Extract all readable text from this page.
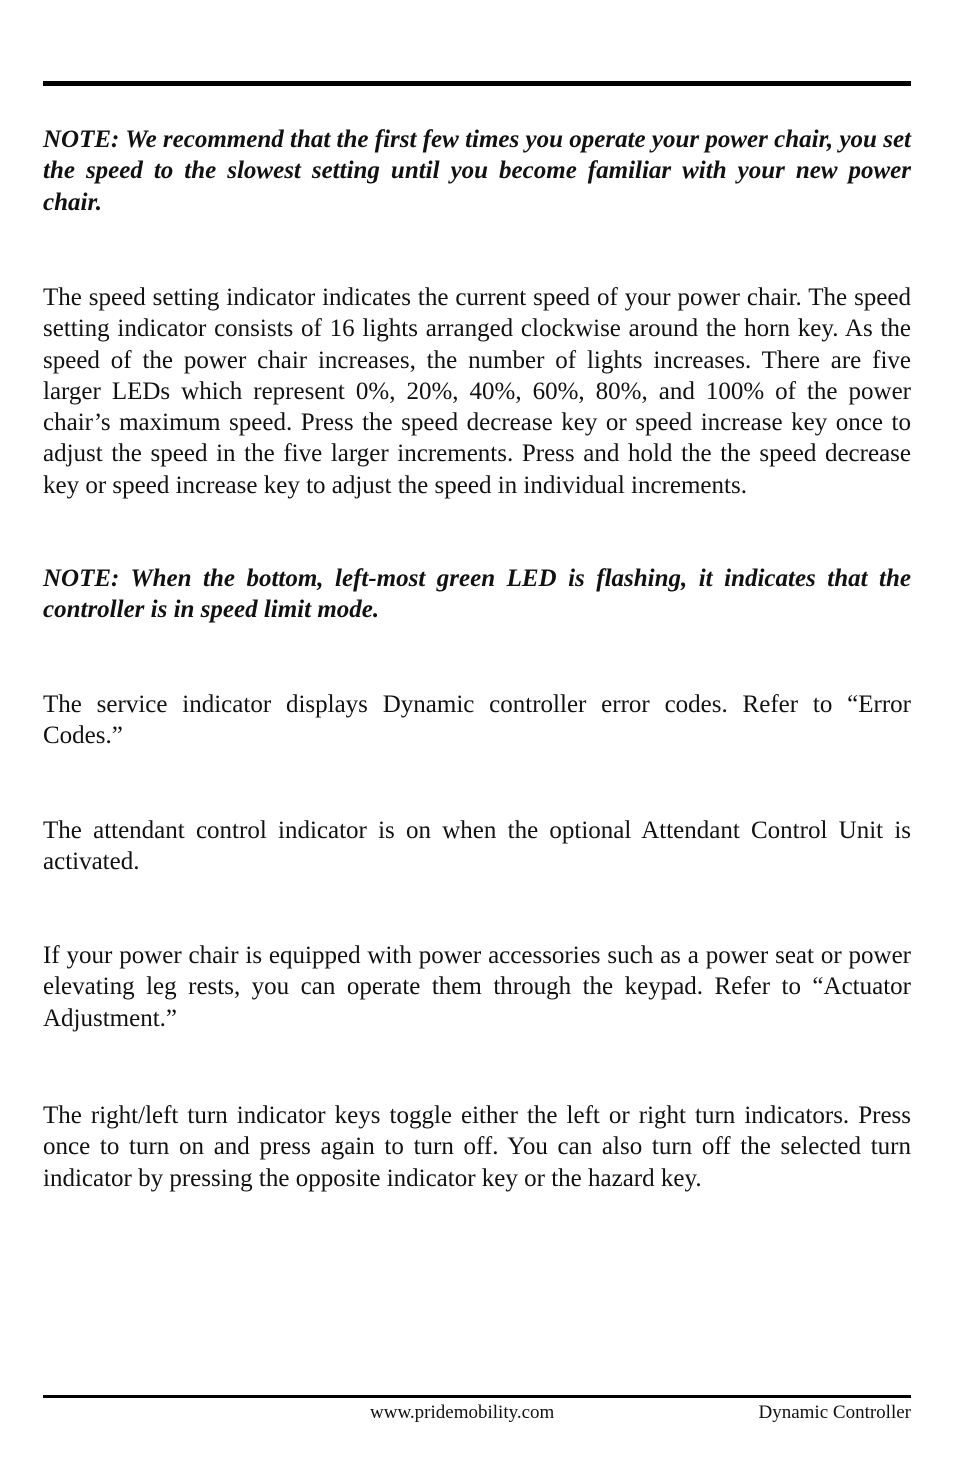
NOTE: We recommend that the first few times you operate your power chair, you set the speed to the slowest setting until you become familiar with your new power chair.

The speed setting indicator indicates the current speed of your power chair. The speed setting indicator consists of 16 lights arranged clockwise around the horn key. As the speed of the power chair increases, the number of lights increases. There are five larger LEDs which represent 0%, 20%, 40%, 60%, 80%, and 100% of the power chair’s maximum speed. Press the speed decrease key or speed increase key once to adjust the speed in the five larger increments. Press and hold the the speed decrease key or speed increase key to adjust the speed in individual increments.

NOTE: When the bottom, left-most green LED is flashing, it indicates that the controller is in speed limit mode.

The service indicator displays Dynamic controller error codes. Refer to “Error Codes.”

The attendant control indicator is on when the optional Attendant Control Unit is activated.

If your power chair is equipped with power accessories such as a power seat or power elevating leg rests, you can operate them through the keypad. Refer to “Actuator Adjustment.”

The right/left turn indicator keys toggle either the left or right turn indicators. Press once to turn on and press again to turn off. You can also turn off the selected turn indicator by pressing the opposite indicator key or the hazard key.

www.pridemobility.com	Dynamic Controller
